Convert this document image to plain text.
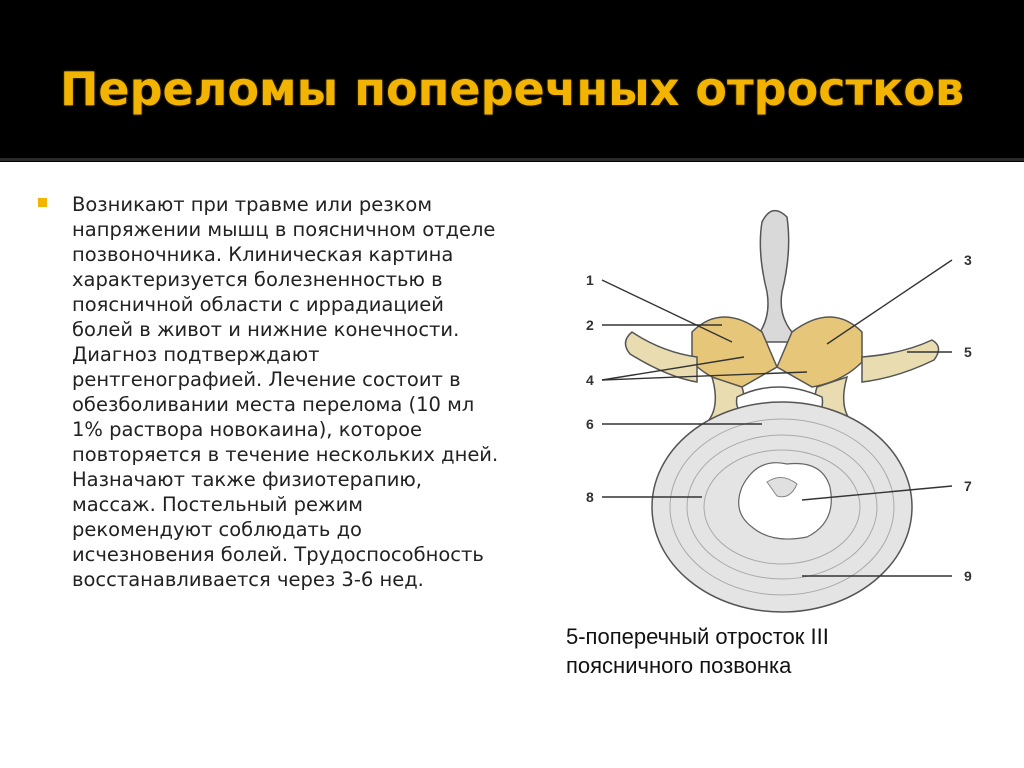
Переломы поперечных отростков

Возникают при травме или резком напряжении мышц в поясничном отделе позвоночника. Клиническая картина характеризуется болезненностью в поясничной области с иррадиацией болей в живот и нижние конечности. Диагноз подтверждают рентгенографией. Лечение состоит в обезболивании места перелома (10 мл 1% раствора новокаина), которое повторяется в течение нескольких дней. Назначают также физиотерапию, массаж. Постельный режим рекомендуют соблюдать до исчезновения болей. Трудоспособность восстанавливается через 3-6 нед.

1
2
3
4
5
6
7
8
9

5-поперечный отросток III
поясничного позвонка
